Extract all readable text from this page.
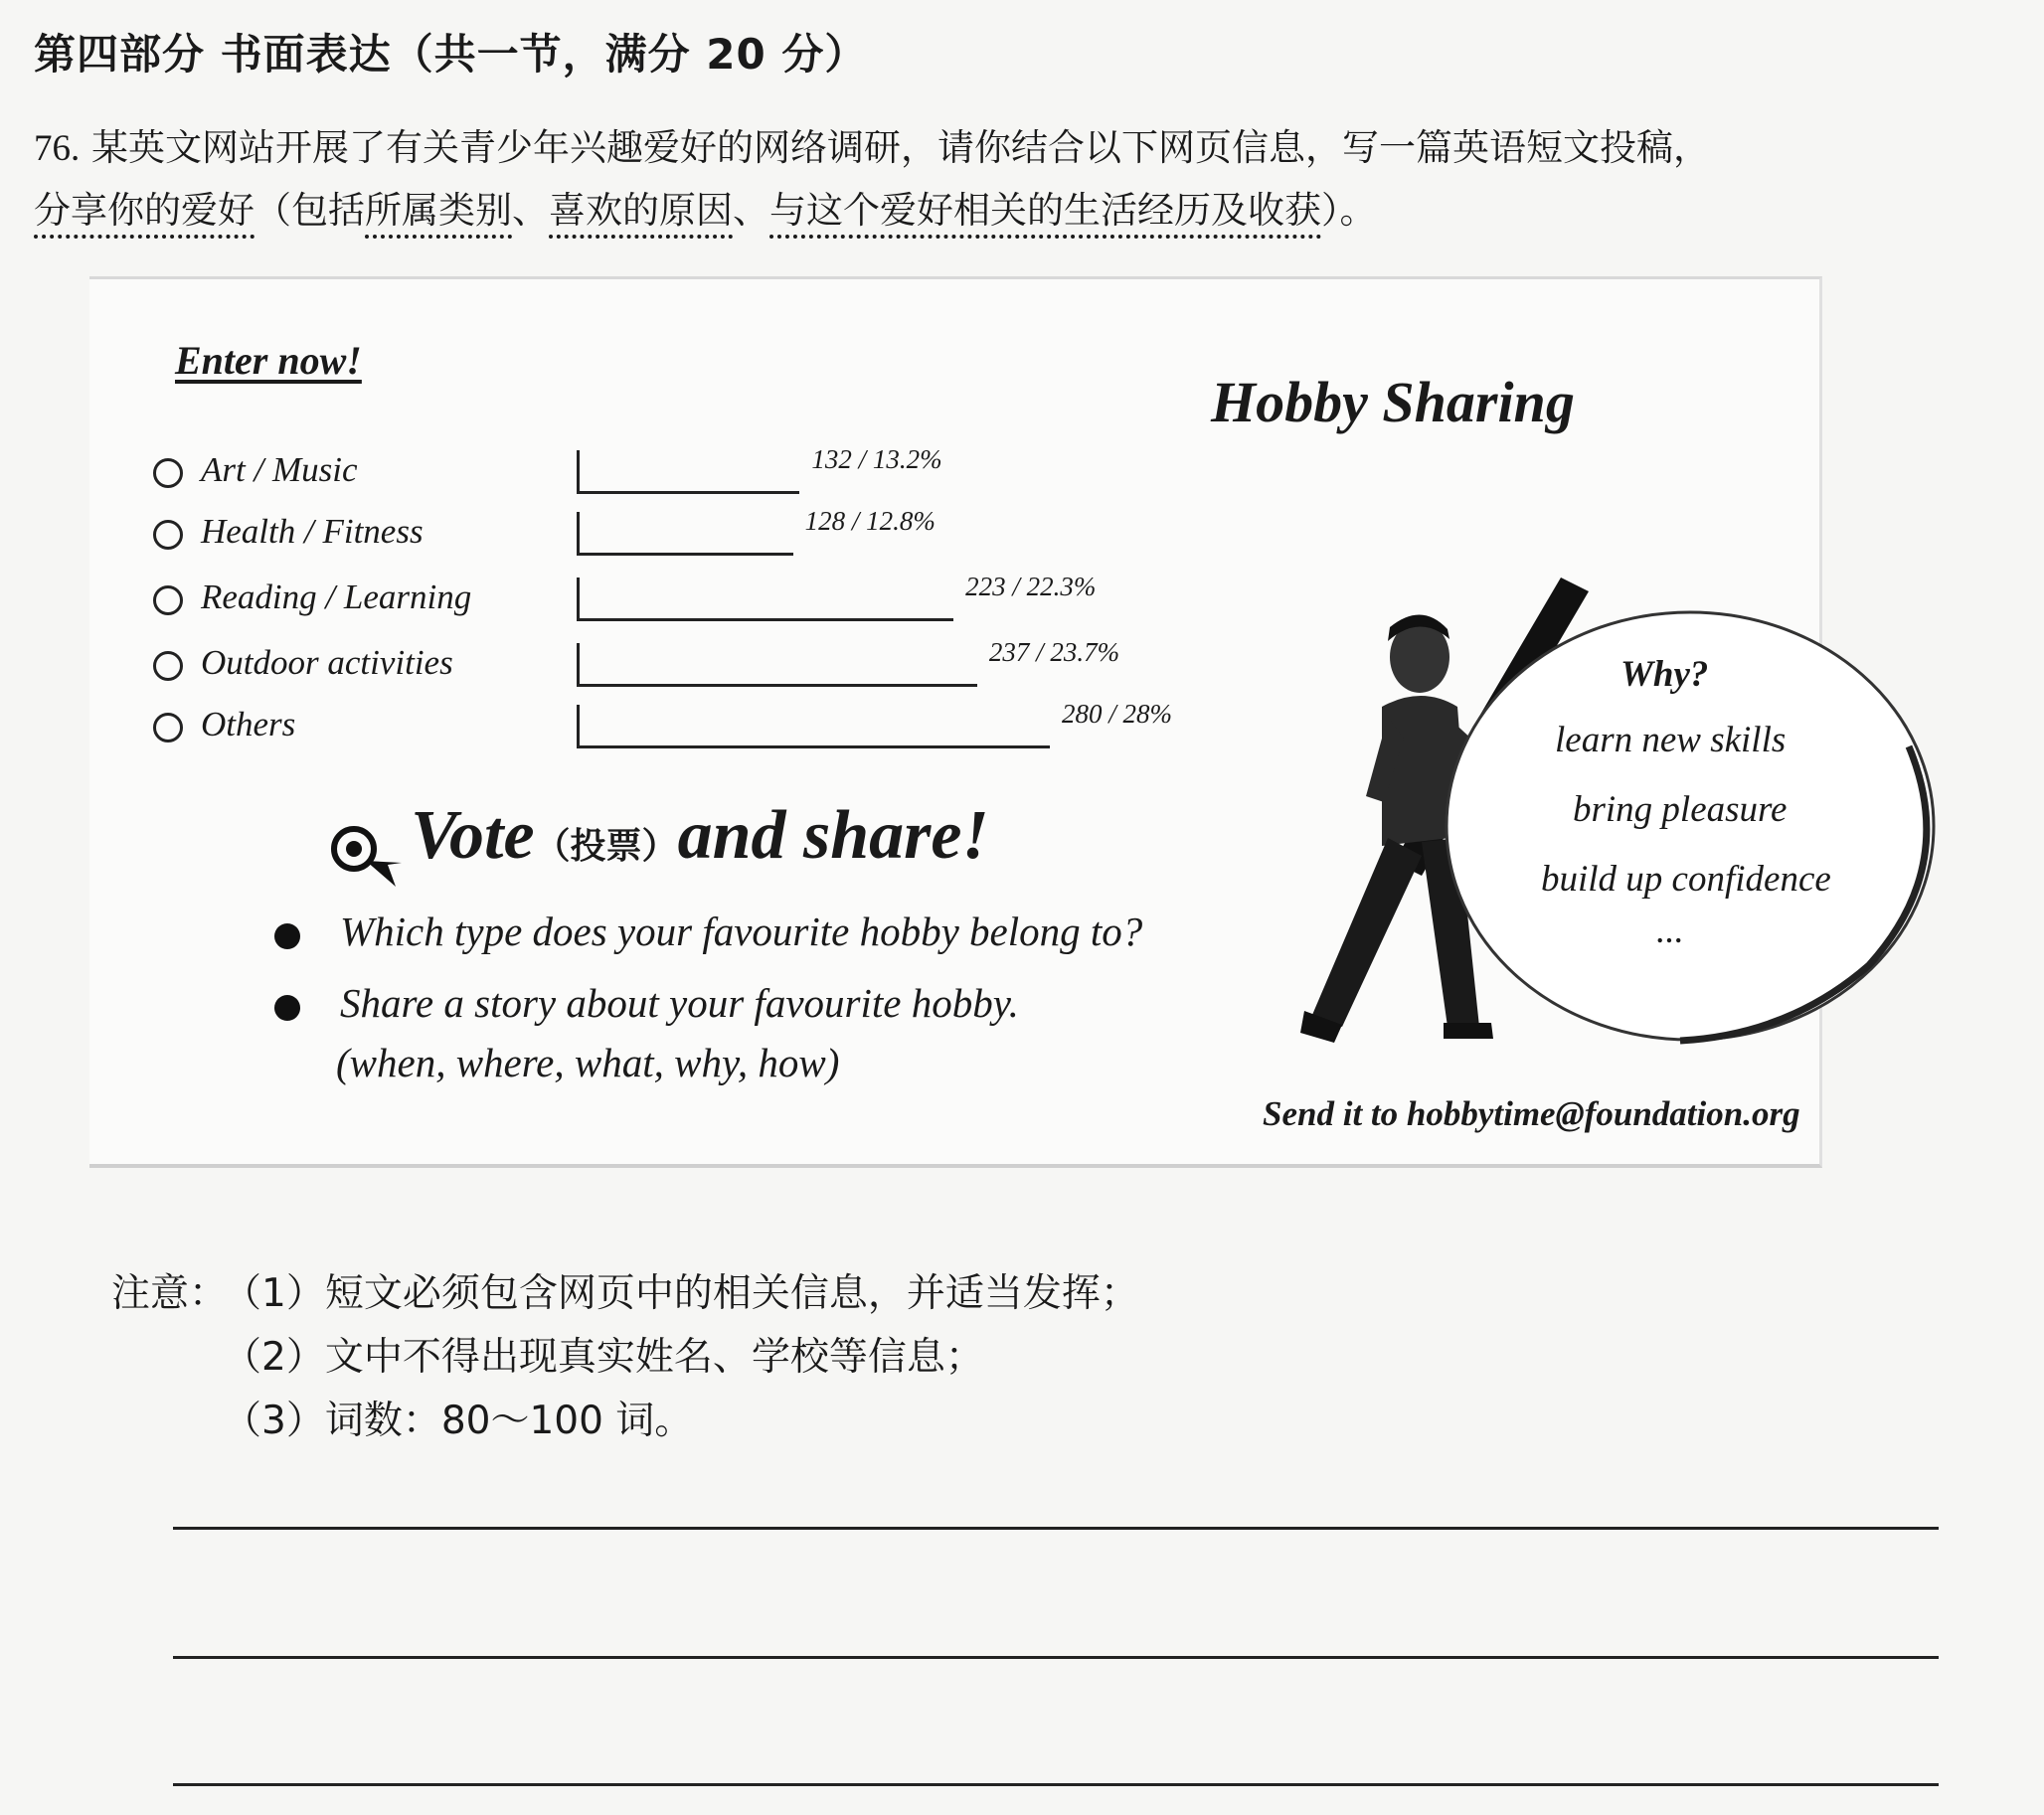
第四部分 书面表达（共一节，满分 20 分）
76. 某英文网站开展了有关青少年兴趣爱好的网络调研，请你结合以下网页信息，写一篇英语短文投稿，
分享你的爱好（包括所属类别、喜欢的原因、与这个爱好相关的生活经历及收获）。
Enter now!
Hobby Sharing
Art / Music	132 / 13.2%
Health / Fitness	128 / 12.8%
Reading / Learning	223 / 22.3%
Outdoor activities	237 / 23.7%
Others	280 / 28%
Vote（投票）and share!
Which type does your favourite hobby belong to?
Share a story about your favourite hobby.
(when, where, what, why, how)
Why?
learn new skills
bring pleasure
build up confidence
...
Send it to hobbytime@foundation.org
注意：
（1）短文必须包含网页中的相关信息，并适当发挥；
（2）文中不得出现真实姓名、学校等信息；
（3）词数：80～100 词。
